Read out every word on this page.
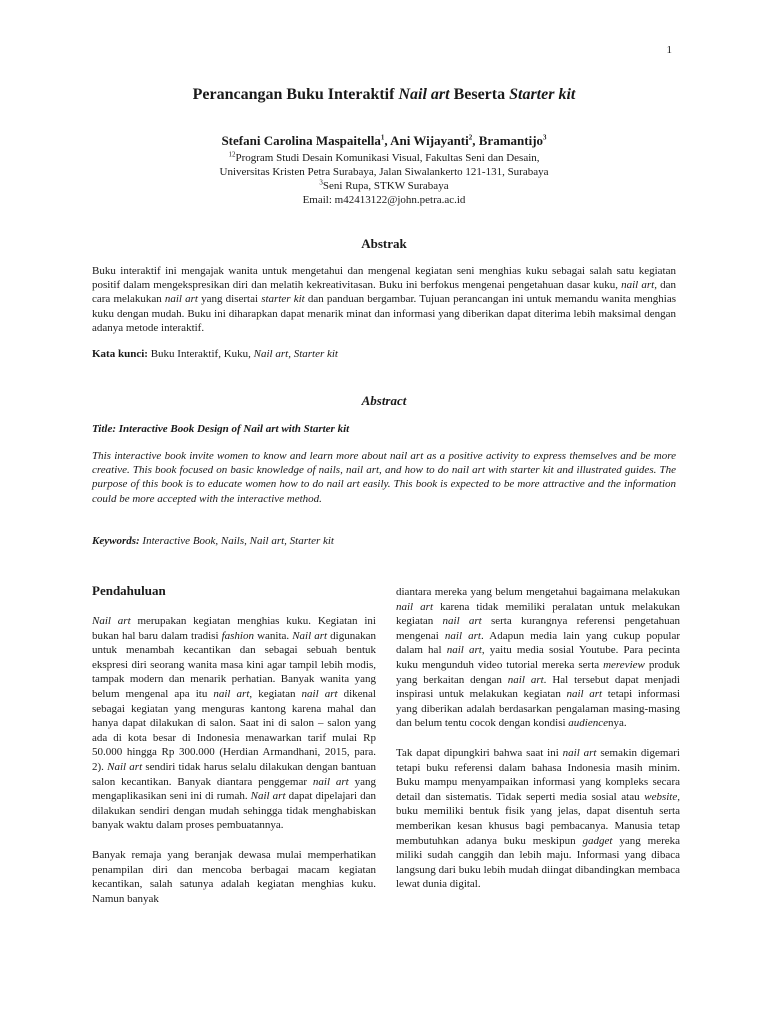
1
Perancangan Buku Interaktif Nail art Beserta Starter kit
Stefani Carolina Maspaitella$^1$, Ani Wijayanti$^2$, Bramantijo$^3$
$^{12}$Program Studi Desain Komunikasi Visual, Fakultas Seni dan Desain,
Universitas Kristen Petra Surabaya, Jalan Siwalankerto 121-131, Surabaya
$^3$Seni Rupa, STKW Surabaya
Email: m42413122@john.petra.ac.id
Abstrak
Buku interaktif ini mengajak wanita untuk mengetahui dan mengenal kegiatan seni menghias kuku sebagai salah satu kegiatan positif dalam mengekspresikan diri dan melatih kekreativitasan. Buku ini berfokus mengenai pengetahuan dasar kuku, nail art, dan cara melakukan nail art yang disertai starter kit dan panduan bergambar. Tujuan perancangan ini untuk memandu wanita menghias kuku dengan mudah. Buku ini diharapkan dapat menarik minat dan informasi yang diberikan dapat diterima lebih maksimal dengan adanya metode interaktif.
Kata kunci: Buku Interaktif, Kuku, Nail art, Starter kit
Abstract
Title: Interactive Book Design of Nail art with Starter kit
This interactive book invite women to know and learn more about nail art as a positive activity to express themselves and be more creative. This book focused on basic knowledge of nails, nail art, and how to do nail art with starter kit and illustrated guides. The purpose of this book is to educate women how to do nail art easily. This book is expected to be more attractive and the information could be more accepted with the interactive method.
Keywords: Interactive Book, Nails, Nail art, Starter kit
Pendahuluan

Nail art merupakan kegiatan menghias kuku. Kegiatan ini bukan hal baru dalam tradisi fashion wanita. Nail art digunakan untuk menambah kecantikan dan sebagai sebuah bentuk ekspresi diri seorang wanita masa kini agar tampil lebih modis, tampak modern dan menarik perhatian. Banyak wanita yang belum mengenal apa itu nail art, kegiatan nail art dikenal sebagai kegiatan yang menguras kantong karena mahal dan hanya dapat dilakukan di salon. Saat ini di salon – salon yang ada di kota besar di Indonesia menawarkan tarif mulai Rp 50.000 hingga Rp 300.000 (Herdian Armandhani, 2015, para. 2). Nail art sendiri tidak harus selalu dilakukan dengan bantuan salon kecantikan. Banyak diantara penggemar nail art yang mengaplikasikan seni ini di rumah. Nail art dapat dipelajari dan dilakukan sendiri dengan mudah sehingga tidak menghabiskan banyak waktu dalam proses pembuatannya.

Banyak remaja yang beranjak dewasa mulai memperhatikan penampilan diri dan mencoba berbagai macam kegiatan kecantikan, salah satunya adalah kegiatan menghias kuku. Namun banyak

diantara mereka yang belum mengetahui bagaimana melakukan nail art karena tidak memiliki peralatan untuk melakukan kegiatan nail art serta kurangnya referensi pengetahuan mengenai nail art. Adapun media lain yang cukup popular dalam hal nail art, yaitu media sosial Youtube. Para pecinta kuku mengunduh video tutorial mereka serta mereview produk yang berkaitan dengan nail art. Hal tersebut dapat menjadi inspirasi untuk melakukan kegiatan nail art tetapi informasi yang diberikan adalah berdasarkan pengalaman masing-masing dan belum tentu cocok dengan kondisi audiencenya.

Tak dapat dipungkiri bahwa saat ini nail art semakin digemari tetapi buku referensi dalam bahasa Indonesia masih minim. Buku mampu menyampaikan informasi yang kompleks secara detail dan sistematis. Tidak seperti media sosial atau website, buku memiliki bentuk fisik yang jelas, dapat disentuh serta memberikan kesan khusus bagi pembacanya. Manusia tetap membutuhkan adanya buku meskipun gadget yang mereka miliki sudah canggih dan lebih maju. Informasi yang dibaca langsung dari buku lebih mudah diingat dibandingkan membaca lewat dunia digital.
